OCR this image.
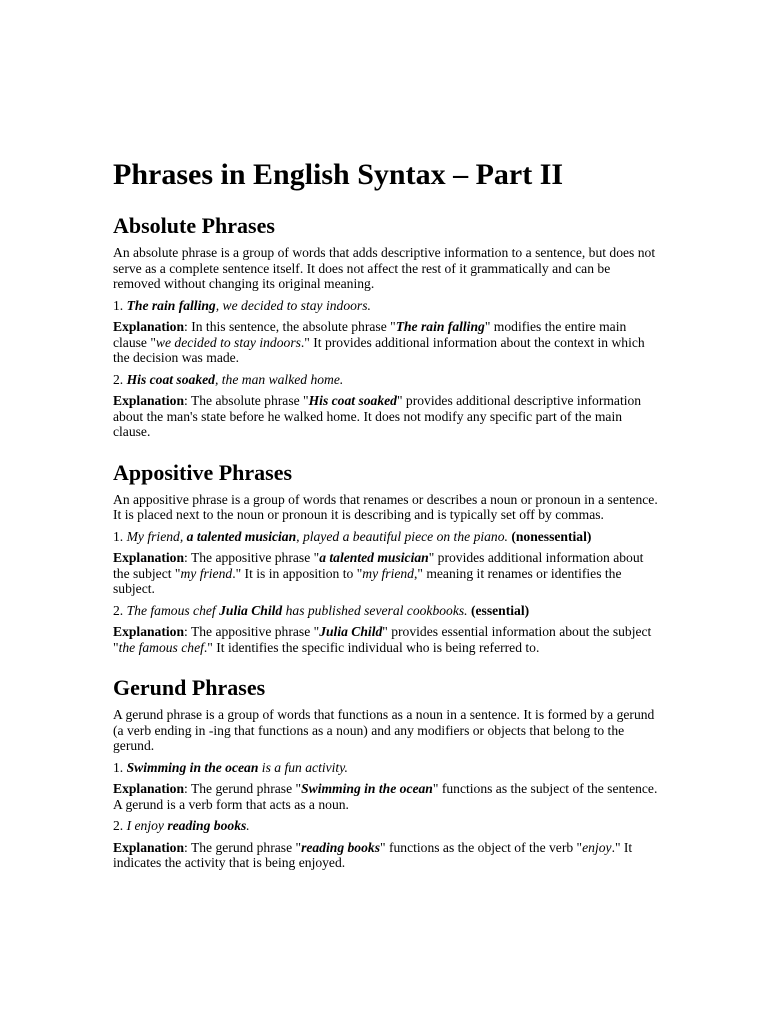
Phrases in English Syntax – Part II
Absolute Phrases

An absolute phrase is a group of words that adds descriptive information to a sentence, but does not serve as a complete sentence itself. It does not affect the rest of it grammatically and can be removed without changing its original meaning.

1. The rain falling, we decided to stay indoors.

Explanation: In this sentence, the absolute phrase "The rain falling" modifies the entire main clause "we decided to stay indoors." It provides additional information about the context in which the decision was made.

2. His coat soaked, the man walked home.

Explanation: The absolute phrase "His coat soaked" provides additional descriptive information about the man's state before he walked home. It does not modify any specific part of the main clause.

Appositive Phrases

An appositive phrase is a group of words that renames or describes a noun or pronoun in a sentence. It is placed next to the noun or pronoun it is describing and is typically set off by commas.

1. My friend, a talented musician, played a beautiful piece on the piano. (nonessential)

Explanation: The appositive phrase "a talented musician" provides additional information about the subject "my friend." It is in apposition to "my friend," meaning it renames or identifies the subject.

2. The famous chef Julia Child has published several cookbooks. (essential)

Explanation: The appositive phrase "Julia Child" provides essential information about the subject "the famous chef." It identifies the specific individual who is being referred to.

Gerund Phrases

A gerund phrase is a group of words that functions as a noun in a sentence. It is formed by a gerund (a verb ending in -ing that functions as a noun) and any modifiers or objects that belong to the gerund.

1. Swimming in the ocean is a fun activity.

Explanation: The gerund phrase "Swimming in the ocean" functions as the subject of the sentence. A gerund is a verb form that acts as a noun.

2. I enjoy reading books.

Explanation: The gerund phrase "reading books" functions as the object of the verb "enjoy." It indicates the activity that is being enjoyed.
